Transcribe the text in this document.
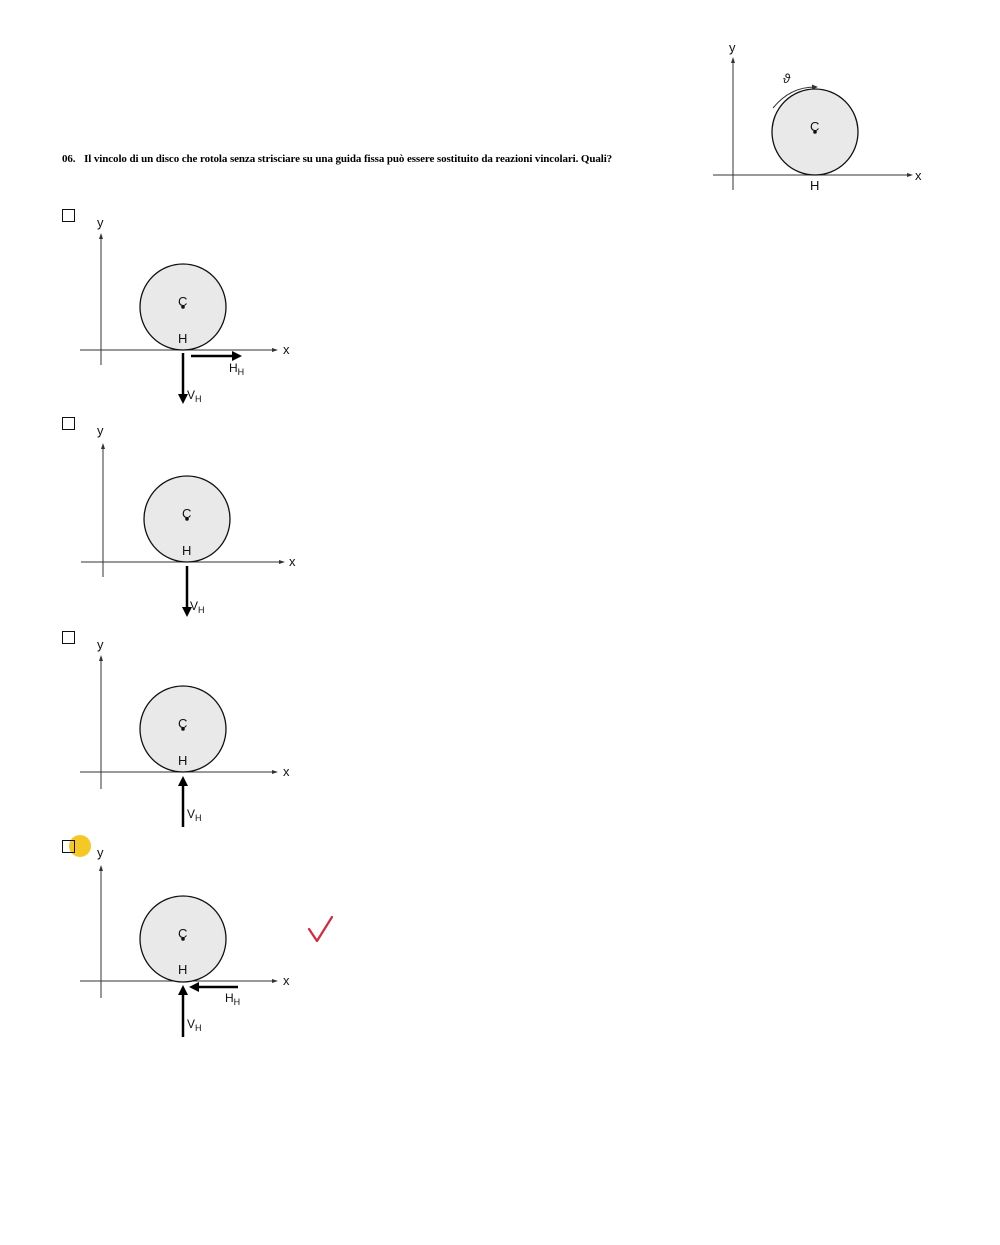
06. Il vincolo di un disco che rotola senza strisciare su una guida fissa può essere sostituito da reazioni vincolari. Quali?
y
x
Ç
H
ϑ
y
x
Ç
H
$V_H$
$H_H$
y
x
Ç
H
$V_H$
y
x
Ç
H
$V_H$
y
x
Ç
H
$V_H$
$H_H$
